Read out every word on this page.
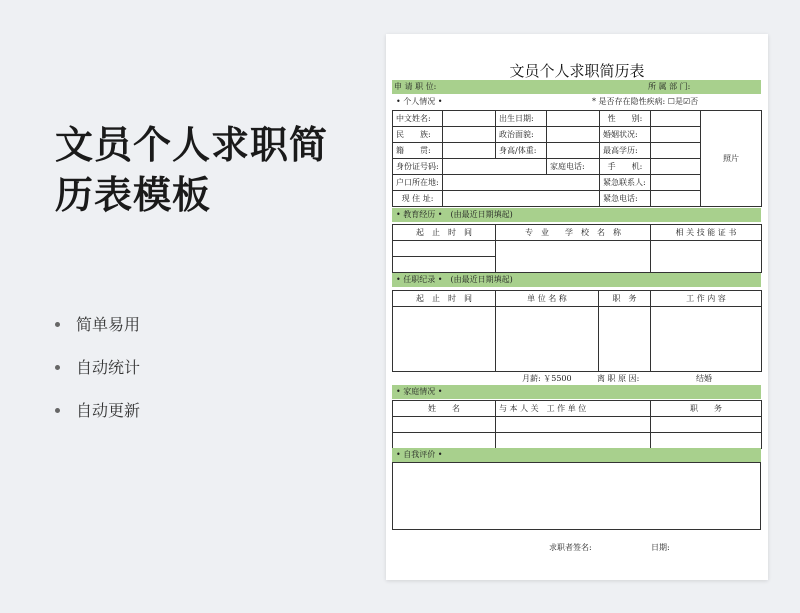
文员个人求职简
历表模板
简单易用
自动统计
自动更新
文员个人求职简历表
申 请 职 位:	所 属 部 门:
• 个人情况 •	* 是否存在隐性疾病: ☐是☑否
中文姓名:		出生日期:		性　　别:		照片
民　　族:		政治面貌:		婚姻状况:		
籍　　贯:		身高/体重:		最高学历:		
身份证号码:			家庭电话:	手　　机:		
户口所在地:				紧急联系人:		
现 住 址:				紧急电话:		
• 教育经历 •　(由最近日期填起)
起　止　时　间	专　业　　学　校　名　称	相 关 技 能 证 书

• 任职纪录 •　(由最近日期填起)
起　止　时　间	单 位 名 称	职　务	工 作 内 容

月薪: ￥5500	离 职 原 因:	结婚
• 家庭情况 •
姓　　名	与 本 人 关　工 作 单 位	职　　务

• 自我评价 •
求职者签名:	日期:
